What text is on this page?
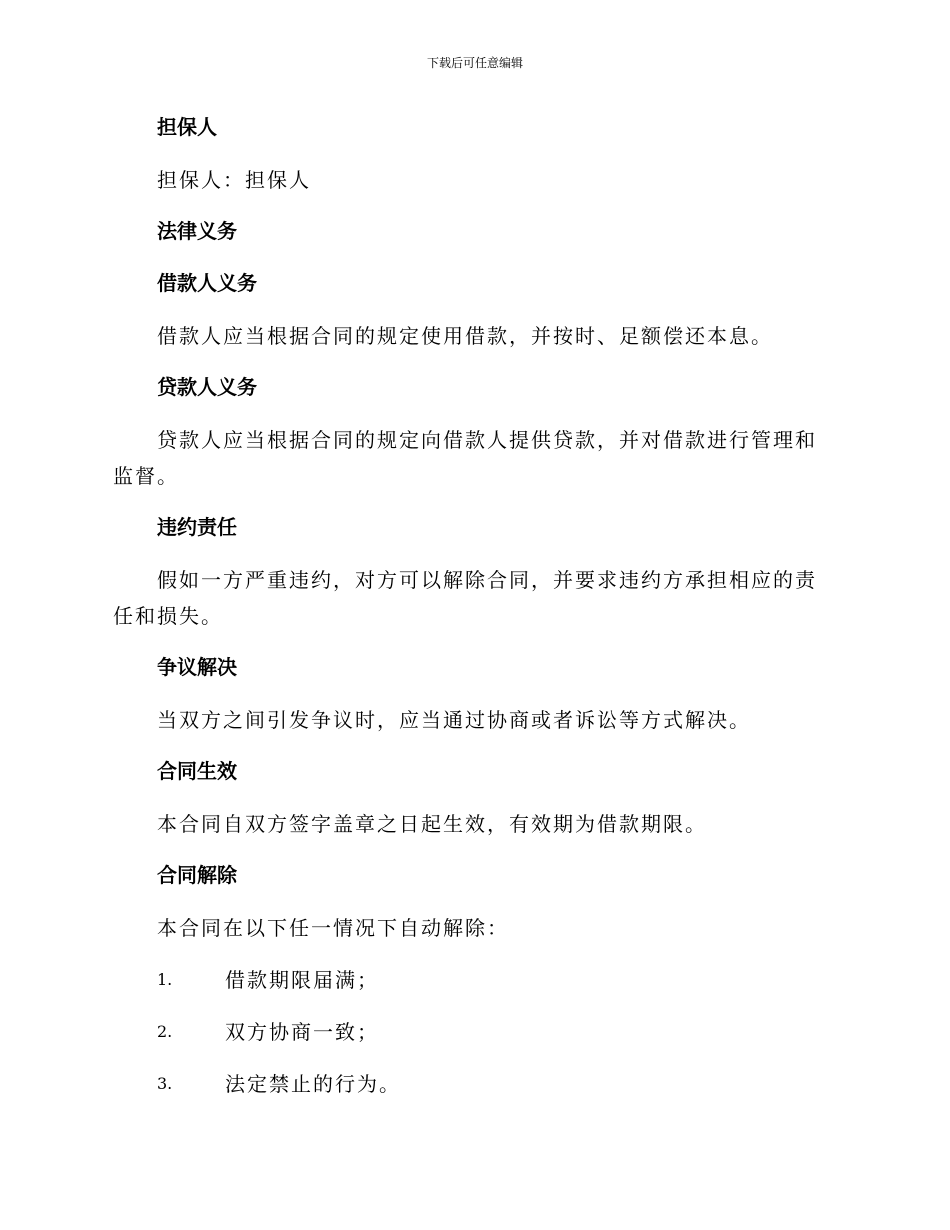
下载后可任意编辑
担保人

担保人：担保人

法律义务
借款人义务

借款人应当根据合同的规定使用借款，并按时、足额偿还本息。

贷款人义务

贷款人应当根据合同的规定向借款人提供贷款，并对借款进行管理和监督。

违约责任

假如一方严重违约，对方可以解除合同，并要求违约方承担相应的责任和损失。

争议解决

当双方之间引发争议时，应当通过协商或者诉讼等方式解决。

合同生效

本合同自双方签字盖章之日起生效，有效期为借款期限。

合同解除

本合同在以下任一情况下自动解除：

1.	借款期限届满；
2.	双方协商一致；
3.	法定禁止的行为。
